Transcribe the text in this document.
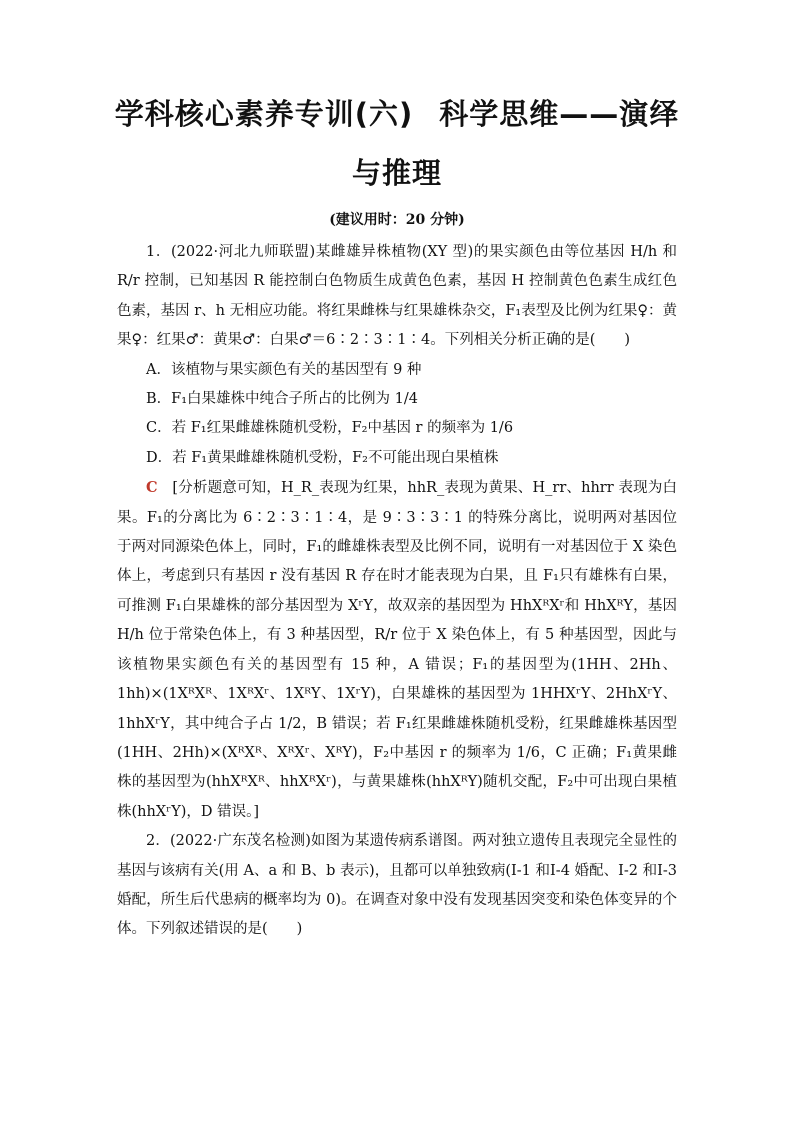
学科核心素养专训(六) 科学思维——演绎
与推理
(建议用时：20 分钟)

1．(2022·河北九师联盟)某雌雄异株植物(XY 型)的果实颜色由等位基因 H/h 和 R/r 控制，已知基因 R 能控制白色物质生成黄色色素，基因 H 控制黄色色素生成红色色素，基因 r、h 无相应功能。将红果雌株与红果雄株杂交，F₁表型及比例为红果♀：黄果♀：红果♂：黄果♂：白果♂＝6∶2∶3∶1∶4。下列相关分析正确的是(　　)

A．该植物与果实颜色有关的基因型有 9 种

B．F₁白果雄株中纯合子所占的比例为 1/4

C．若 F₁红果雌雄株随机受粉，F₂中基因 r 的频率为 1/6

D．若 F₁黄果雌雄株随机受粉，F₂不可能出现白果植株

C　 [分析题意可知，H_R_表现为红果，hhR_表现为黄果、H_rr、hhrr 表现为白果。F₁的分离比为 6∶2∶3∶1∶4，是 9∶3∶3∶1 的特殊分离比，说明两对基因位于两对同源染色体上，同时，F₁的雌雄株表型及比例不同，说明有一对基因位于 X 染色体上，考虑到只有基因 r 没有基因 R 存在时才能表现为白果，且 F₁只有雄株有白果，可推测 F₁白果雄株的部分基因型为 XʳY，故双亲的基因型为 HhXᴿXʳ和 HhXᴿY，基因 H/h 位于常染色体上，有 3 种基因型，R/r 位于 X 染色体上，有 5 种基因型，因此与该植物果实颜色有关的基因型有 15 种，A 错误；F₁的基因型为(1HH、2Hh、1hh)×(1XᴿXᴿ、1XᴿXʳ、1XᴿY、1XʳY)，白果雄株的基因型为 1HHXʳY、2HhXʳY、1hhXʳY，其中纯合子占 1/2，B 错误；若 F₁红果雌雄株随机受粉，红果雌雄株基因型(1HH、2Hh)×(XᴿXᴿ、XᴿXʳ、XᴿY)，F₂中基因 r 的频率为 1/6，C 正确；F₁黄果雌株的基因型为(hhXᴿXᴿ、hhXᴿXʳ)，与黄果雄株(hhXᴿY)随机交配，F₂中可出现白果植株(hhXʳY)，D 错误。]

2．(2022·广东茂名检测)如图为某遗传病系谱图。两对独立遗传且表现完全显性的基因与该病有关(用 A、a 和 B、b 表示)，且都可以单独致病(Ⅰ-1 和Ⅰ-4 婚配、Ⅰ-2 和Ⅰ-3 婚配，所生后代患病的概率均为 0)。在调查对象中没有发现基因突变和染色体变异的个体。下列叙述错误的是(　　)
